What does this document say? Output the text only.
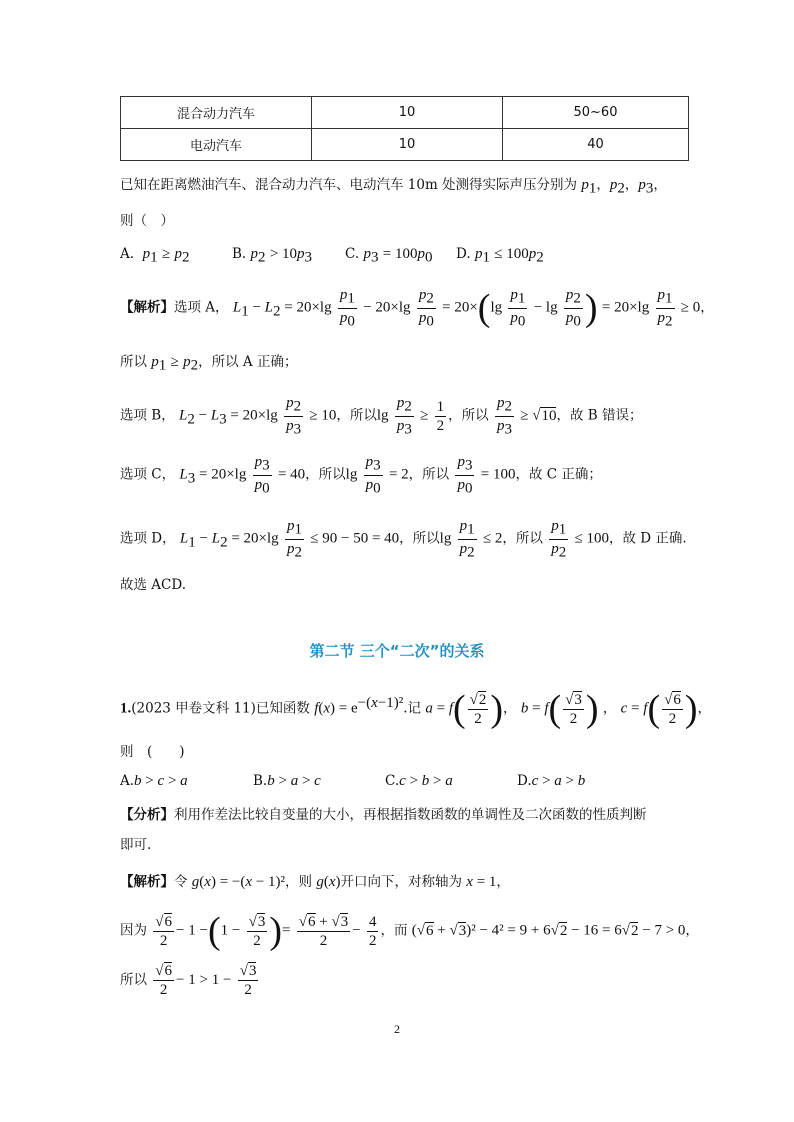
混合动力汽车	10	50~60
电动汽车	10	40
已知在距离燃油汽车、混合动力汽车、电动汽车 10m 处测得实际声压分别为 $p_1$，$p_2$，$p_3$，
则（　）
A. $p_1 \ge p_2$	B. $p_2 > 10p_3$ C. $p_3 = 100p_0$ D. $p_1 \le 100p_2$
【解析】选项 A， $L_1 - L_2 = 20\times\lg \frac{p_1}{p_0} - 20\times\lg \frac{p_2}{p_0} = 20\times(\lg \frac{p_1}{p_0} - \lg \frac{p_2}{p_0}$ ) = $20\times\lg \frac{p_1}{p_2} \ge 0$，
所以 $p_1 \ge p_2$，所以 A 正确；
选项 B， $L_2 - L_3 = 20\times\lg \frac{p_2}{p_3} \ge 10$，所以$\lg \frac{p_2}{p_3} \ge \frac{1}{2}$ ，所以 $\frac{p_2}{p_3} \ge √10$，故 B 错误；
选项 C， $L_3 = 20\times\lg \frac{p_3}{p_0} = 40$，所以$\lg \frac{p_3}{p_0} = 2$，所以 $\frac{p_3}{p_0} = 100$，故 C 正确；
选项 D， $L_1 - L_2 = 20\times\lg \frac{p_1}{p_2} \le 90 - 50 = 40$，所以$\lg \frac{p_1}{p_2} \le 2$，所以 $\frac{p_1}{p_2} \le 100$，故 D 正确.
故选 ACD.
第二节 三个“二次”的关系
1.(2023 甲卷文科 11)已知函数 $f(x) = e^{-(x-1)^2}$.记 $a = f( \frac{√2}{2}$ )， $b = f( \frac{√3}{2}$ ) ， $c = f( \frac{√6}{2}$ )，
则　(　　)
A.b > c > a	B.b > a > c	C.c > b > a	D.c > a > b
【分析】利用作差法比较自变量的大小，再根据指数函数的单调性及二次函数的性质判断
即可.
【解析】令 g(x) = −(x − 1)²，则 g(x)开口向下，对称轴为 x = 1，
因为 $\frac{√6}{2} - 1 -(1 - \frac{√3}{2}$ )= $\frac{√6 + √3}{2} - \frac{4}{2}$ ，而 (√6 + √3)² − 4² = 9 + 6√2 − 16 = 6√2 − 7 > 0，
所以 $\frac{√6}{2} - 1 > 1 - \frac{√3}{2}$
2
